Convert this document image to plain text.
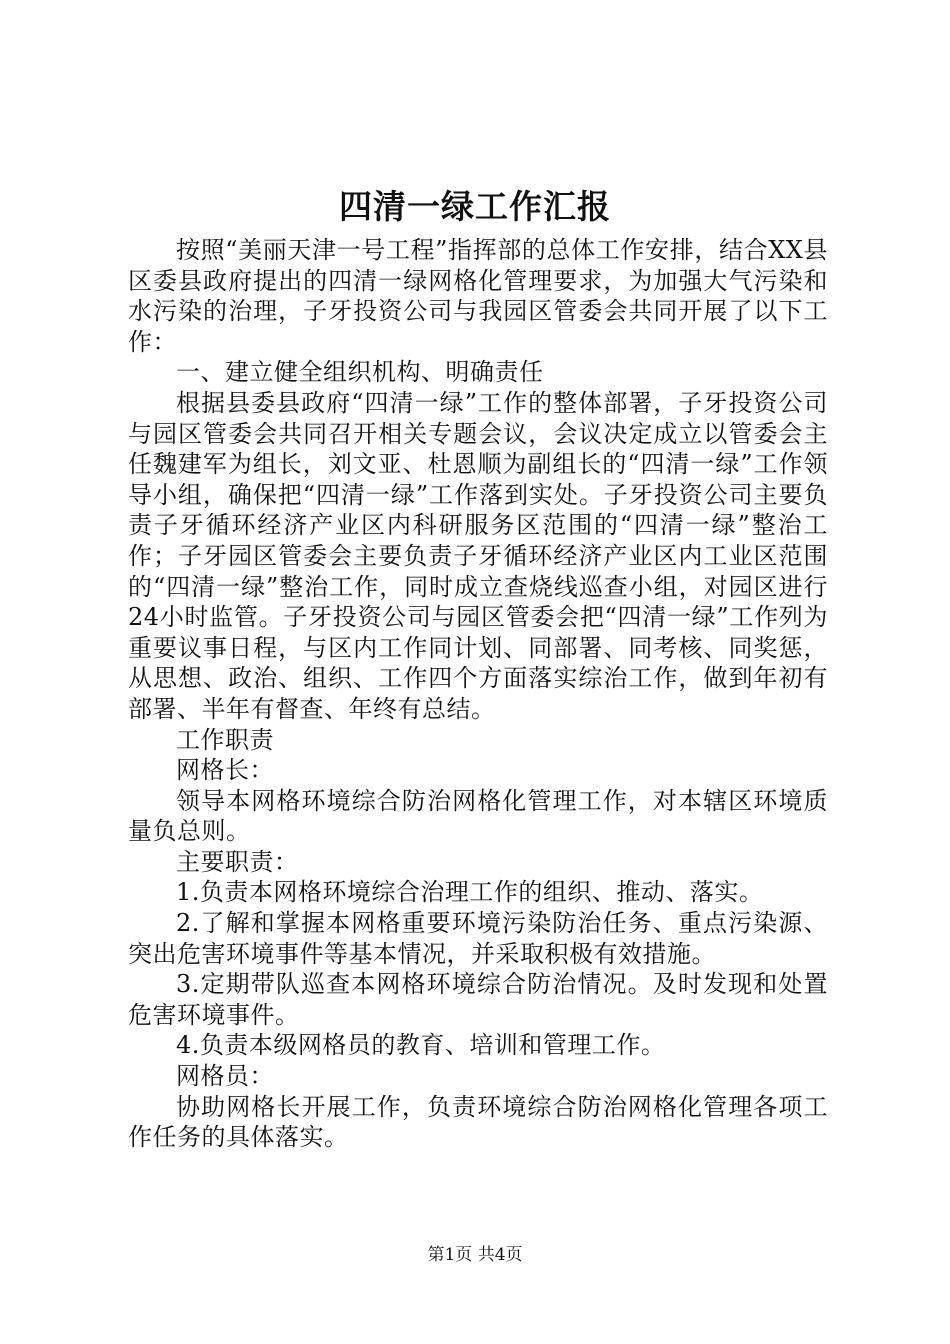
四清一绿工作汇报

按照“美丽天津一号工程”指挥部的总体工作安排，结合XX县区委县政府提出的四清一绿网格化管理要求，为加强大气污染和水污染的治理，子牙投资公司与我园区管委会共同开展了以下工作：

一、建立健全组织机构、明确责任

根据县委县政府“四清一绿”工作的整体部署，子牙投资公司与园区管委会共同召开相关专题会议，会议决定成立以管委会主任魏建军为组长，刘文亚、杜恩顺为副组长的“四清一绿”工作领导小组，确保把“四清一绿”工作落到实处。子牙投资公司主要负责子牙循环经济产业区内科研服务区范围的“四清一绿”整治工作；子牙园区管委会主要负责子牙循环经济产业区内工业区范围的“四清一绿”整治工作，同时成立查烧线巡查小组，对园区进行24小时监管。子牙投资公司与园区管委会把“四清一绿”工作列为重要议事日程，与区内工作同计划、同部署、同考核、同奖惩，从思想、政治、组织、工作四个方面落实综治工作，做到年初有部署、半年有督查、年终有总结。

工作职责

网格长：

领导本网格环境综合防治网格化管理工作，对本辖区环境质量负总则。

主要职责：

1.负责本网格环境综合治理工作的组织、推动、落实。

2.了解和掌握本网格重要环境污染防治任务、重点污染源、突出危害环境事件等基本情况，并采取积极有效措施。

3.定期带队巡查本网格环境综合防治情况。及时发现和处置危害环境事件。

4.负责本级网格员的教育、培训和管理工作。

网格员：

协助网格长开展工作，负责环境综合防治网格化管理各项工作任务的具体落实。

第1页 共4页
